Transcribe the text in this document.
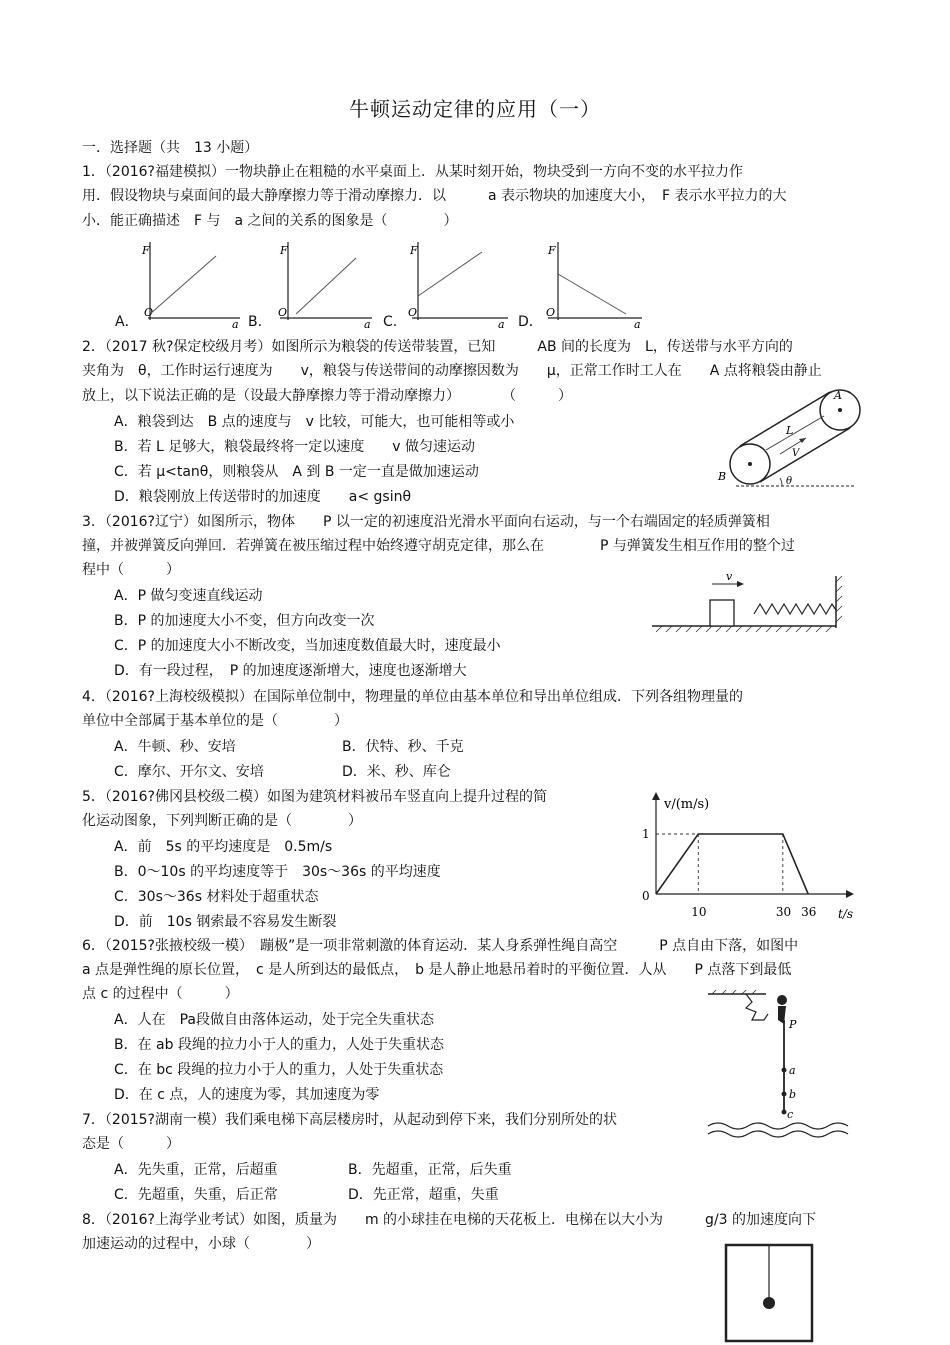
牛顿运动定律的应用（一）
一．选择题（共　13 小题）
1．（2016?福建模拟）一物块静止在粗糙的水平桌面上．从某时刻开始，物块受到一方向不变的水平拉力作
用．假设物块与桌面间的最大静摩擦力等于滑动摩擦力．以　　　a 表示物块的加速度大小，　F 表示水平拉力的大
小．能正确描述　F 与　a 之间的关系的图象是（　　　　）
A．
F
O
a B.
F
O
a C.
F
O
a D．
F
O
a
2．（2017 秋?保定校级月考）如图所示为粮袋的传送带装置，已知　　　AB 间的长度为　L，传送带与水平方向的
夹角为　θ，工作时运行速度为　　v，粮袋与传送带间的动摩擦因数为　　μ，正常工作时工人在　　A 点将粮袋由静止
放上，以下说法正确的是（设最大静摩擦力等于滑动摩擦力）　　　　（　　　）
A．粮袋到达　B 点的速度与　v 比较，可能大，也可能相等或小
B．若 L 足够大，粮袋最终将一定以速度　　v 做匀速运动
C．若 μ<tanθ，则粮袋从　A 到 B 一定一直是做加速运动
D．粮袋刚放上传送带时的加速度　　a< gsinθ
A
B
L
V
θ
3．（2016?辽宁）如图所示，物体　　P 以一定的初速度沿光滑水平面向右运动，与一个右端固定的轻质弹簧相
撞，并被弹簧反向弹回．若弹簧在被压缩过程中始终遵守胡克定律，那么在　　　　P 与弹簧发生相互作用的整个过
程中（　　　）
A．P 做匀变速直线运动
B．P 的加速度大小不变，但方向改变一次
C．P 的加速度大小不断改变，当加速度数值最大时，速度最小
D．有一段过程，　P 的加速度逐渐增大，速度也逐渐增大
v
4．（2016?上海校级模拟）在国际单位制中，物理量的单位由基本单位和导出单位组成．下列各组物理量的
单位中全部属于基本单位的是（　　　　）
A．牛顿、秒、安培	B．伏特、秒、千克
C．摩尔、开尔文、安培	D．米、秒、库仑
5．（2016?佛冈县校级二模）如图为建筑材料被吊车竖直向上提升过程的简
化运动图象，下列判断正确的是（　　　　）
A．前　5s 的平均速度是　0.5m/s
B．0～10s 的平均速度等于　30s～36s 的平均速度
C．30s～36s 材料处于超重状态
D．前　10s 钢索最不容易发生断裂
v/(m/s)
t/s
0
1
10	30 36
6．（2015?张掖校级一模）　蹦极”是一项非常刺激的体育运动．某人身系弹性绳自高空　　　P 点自由下落，如图中
a 点是弹性绳的原长位置，　c 是人所到达的最低点，　b 是人静止地悬吊着时的平衡位置．人从　　P 点落下到最低
点 c 的过程中（　　　）
A．人在　Pa段做自由落体运动，处于完全失重状态
B．在 ab 段绳的拉力小于人的重力，人处于失重状态
C．在 bc 段绳的拉力小于人的重力，人处于失重状态
D．在 c 点，人的速度为零，其加速度为零
P
a
b
c
7．（2015?湖南一模）我们乘电梯下高层楼房时，从起动到停下来，我们分别所处的状
态是（　　　）
A．先失重，正常，后超重	B．先超重，正常，后失重
C．先超重，失重，后正常	D．先正常，超重，失重
8．（2016?上海学业考试）如图，质量为　　m 的小球挂在电梯的天花板上．电梯在以大小为　　　g/3 的加速度向下
加速运动的过程中，小球（　　　　）
